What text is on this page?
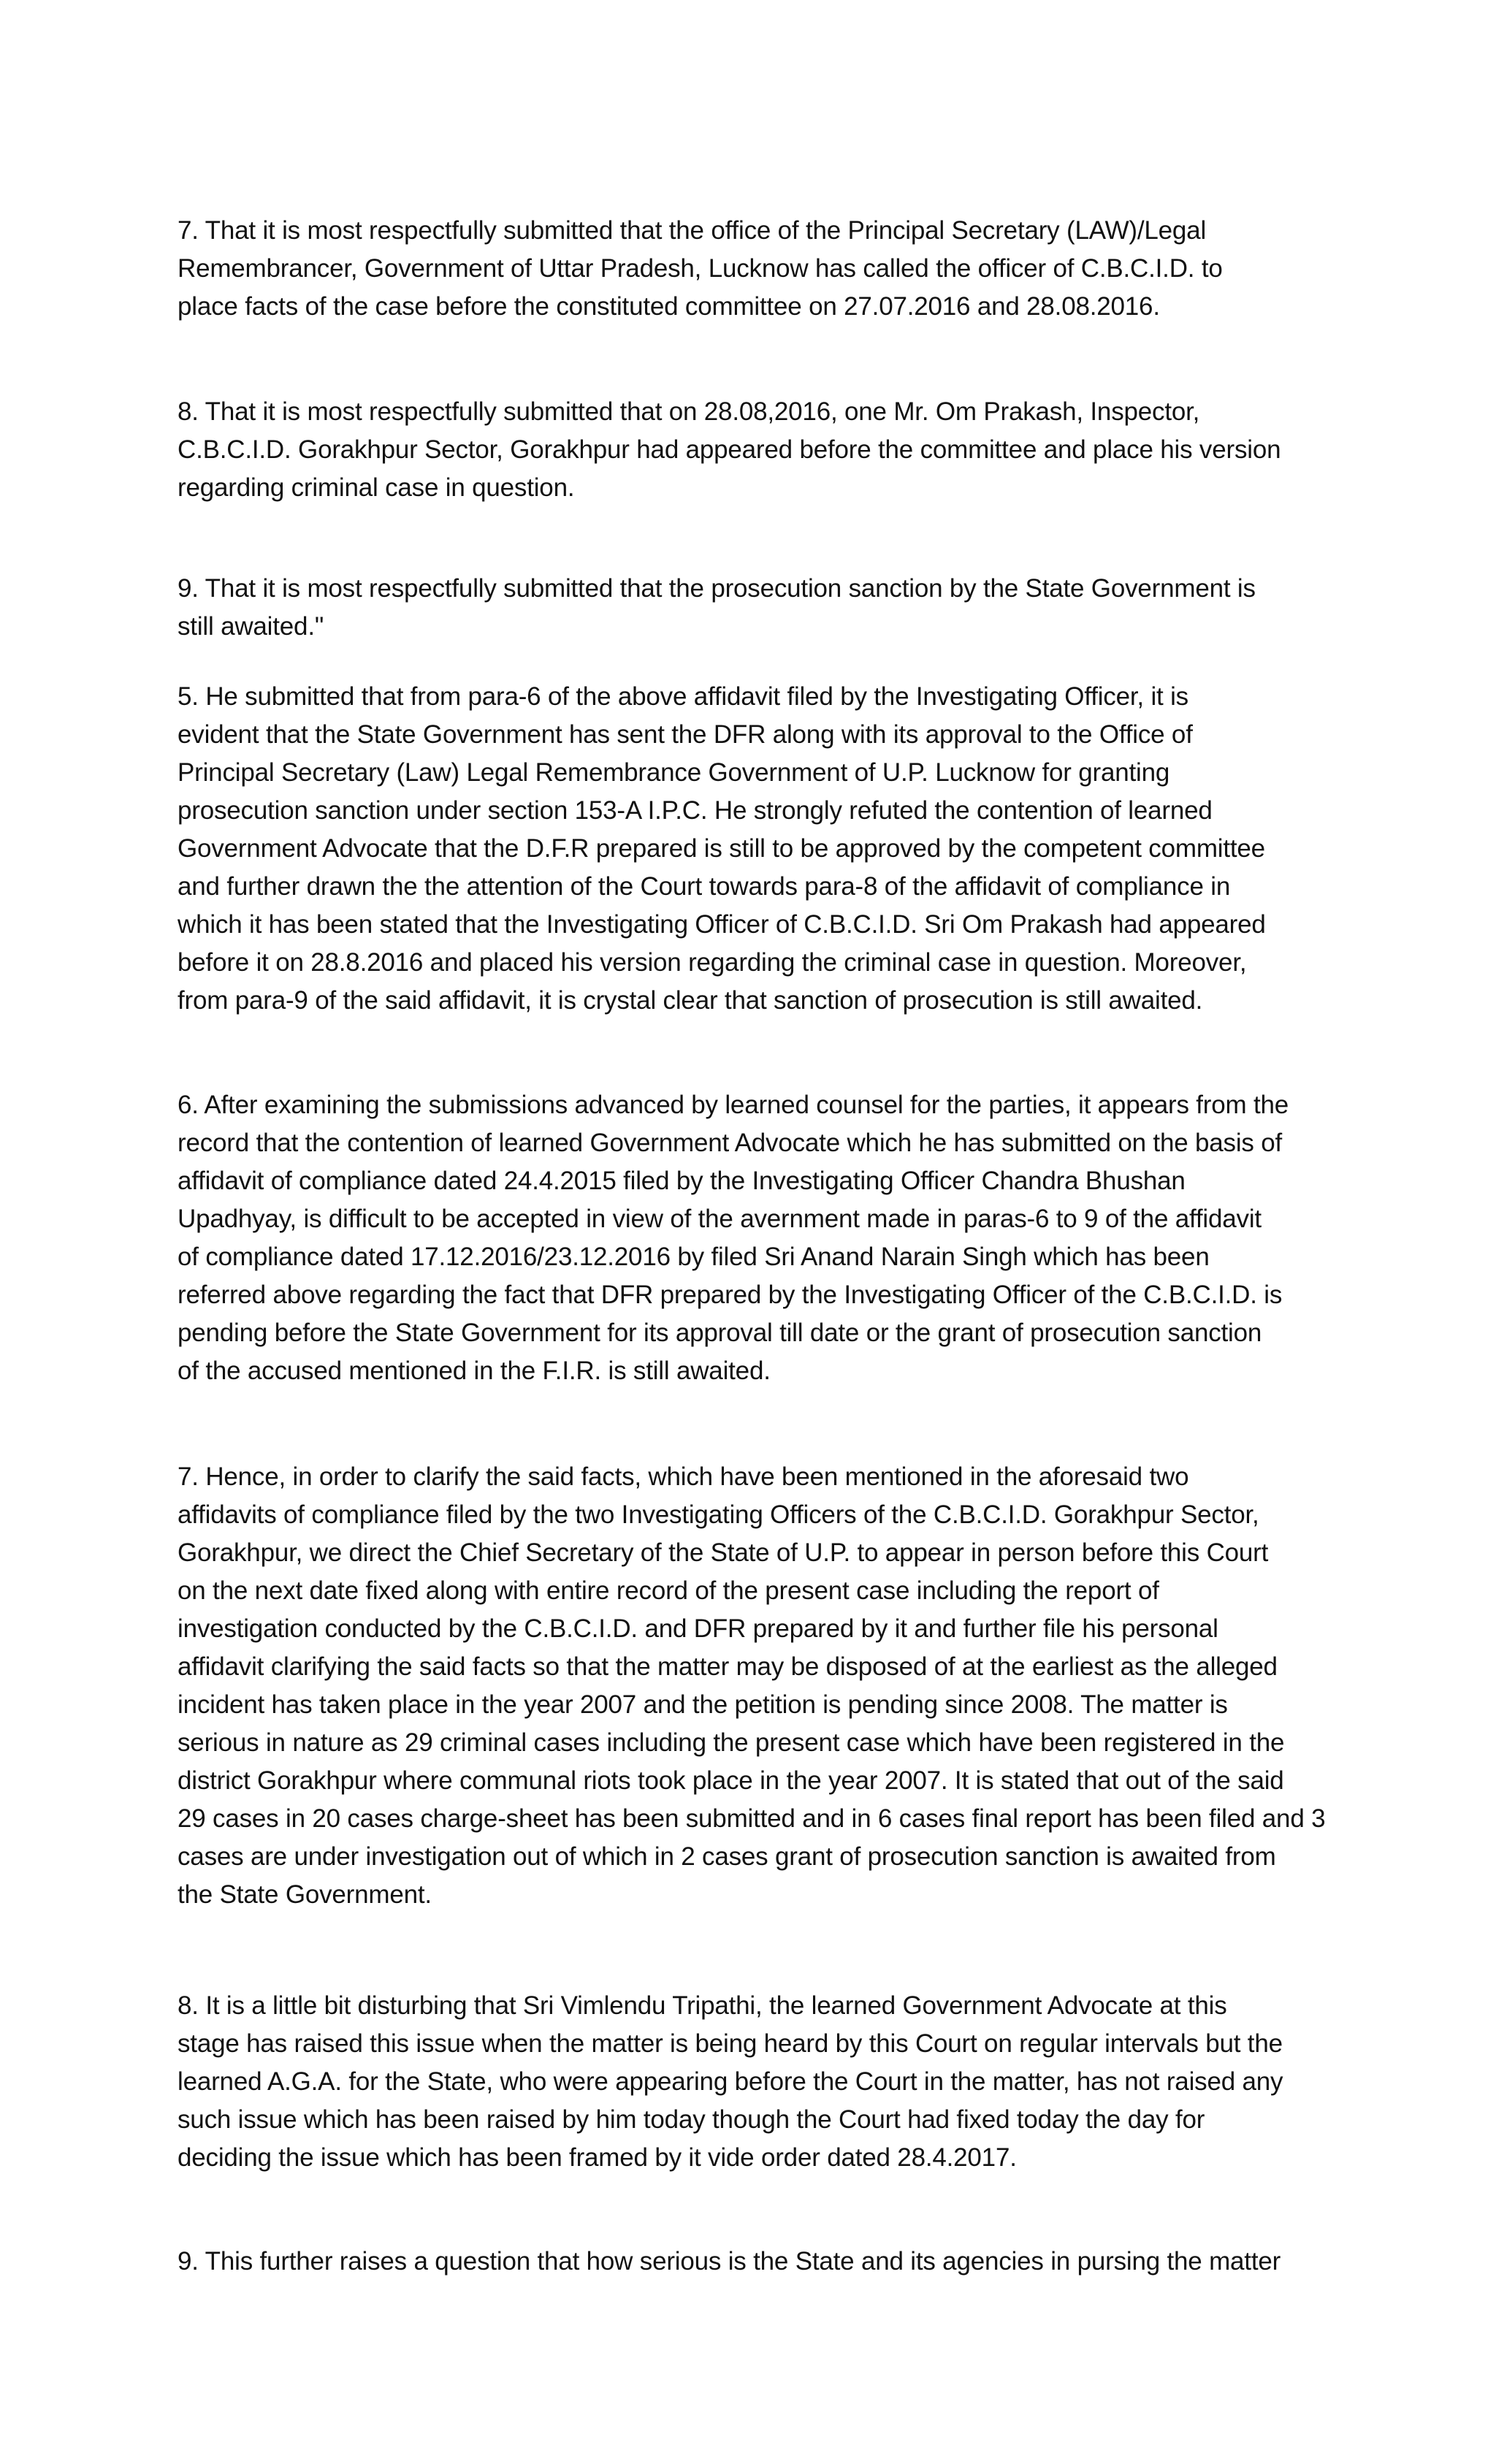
7. That it is most respectfully submitted that the office of the Principal Secretary (LAW)/Legal
Remembrancer, Government of Uttar Pradesh, Lucknow has called the officer of C.B.C.I.D. to
place facts of the case before the constituted committee on 27.07.2016 and 28.08.2016.

8. That it is most respectfully submitted that on 28.08,2016, one Mr. Om Prakash, Inspector,
C.B.C.I.D. Gorakhpur Sector, Gorakhpur had appeared before the committee and place his version
regarding criminal case in question.

9. That it is most respectfully submitted that the prosecution sanction by the State Government is
still awaited."

5. He submitted that from para-6 of the above affidavit filed by the Investigating Officer, it is
evident that the State Government has sent the DFR along with its approval to the Office of
Principal Secretary (Law) Legal Remembrance Government of U.P. Lucknow for granting
prosecution sanction under section 153-A I.P.C. He strongly refuted the contention of learned
Government Advocate that the D.F.R prepared is still to be approved by the competent committee
and further drawn the the attention of the Court towards para-8 of the affidavit of compliance in
which it has been stated that the Investigating Officer of C.B.C.I.D. Sri Om Prakash had appeared
before it on 28.8.2016 and placed his version regarding the criminal case in question. Moreover,
from para-9 of the said affidavit, it is crystal clear that sanction of prosecution is still awaited.

6. After examining the submissions advanced by learned counsel for the parties, it appears from the
record that the contention of learned Government Advocate which he has submitted on the basis of
affidavit of compliance dated 24.4.2015 filed by the Investigating Officer Chandra Bhushan
Upadhyay, is difficult to be accepted in view of the avernment made in paras-6 to 9 of the affidavit
of compliance dated 17.12.2016/23.12.2016 by filed Sri Anand Narain Singh which has been
referred above regarding the fact that DFR prepared by the Investigating Officer of the C.B.C.I.D. is
pending before the State Government for its approval till date or the grant of prosecution sanction
of the accused mentioned in the F.I.R. is still awaited.

7. Hence, in order to clarify the said facts, which have been mentioned in the aforesaid two
affidavits of compliance filed by the two Investigating Officers of the C.B.C.I.D. Gorakhpur Sector,
Gorakhpur, we direct the Chief Secretary of the State of U.P. to appear in person before this Court
on the next date fixed along with entire record of the present case including the report of
investigation conducted by the C.B.C.I.D. and DFR prepared by it and further file his personal
affidavit clarifying the said facts so that the matter may be disposed of at the earliest as the alleged
incident has taken place in the year 2007 and the petition is pending since 2008. The matter is
serious in nature as 29 criminal cases including the present case which have been registered in the
district Gorakhpur where communal riots took place in the year 2007. It is stated that out of the said
29 cases in 20 cases charge-sheet has been submitted and in 6 cases final report has been filed and 3
cases are under investigation out of which in 2 cases grant of prosecution sanction is awaited from
the State Government.

8. It is a little bit disturbing that Sri Vimlendu Tripathi, the learned Government Advocate at this
stage has raised this issue when the matter is being heard by this Court on regular intervals but the
learned A.G.A. for the State, who were appearing before the Court in the matter, has not raised any
such issue which has been raised by him today though the Court had fixed today the day for
deciding the issue which has been framed by it vide order dated 28.4.2017.

9. This further raises a question that how serious is the State and its agencies in pursing the matter
